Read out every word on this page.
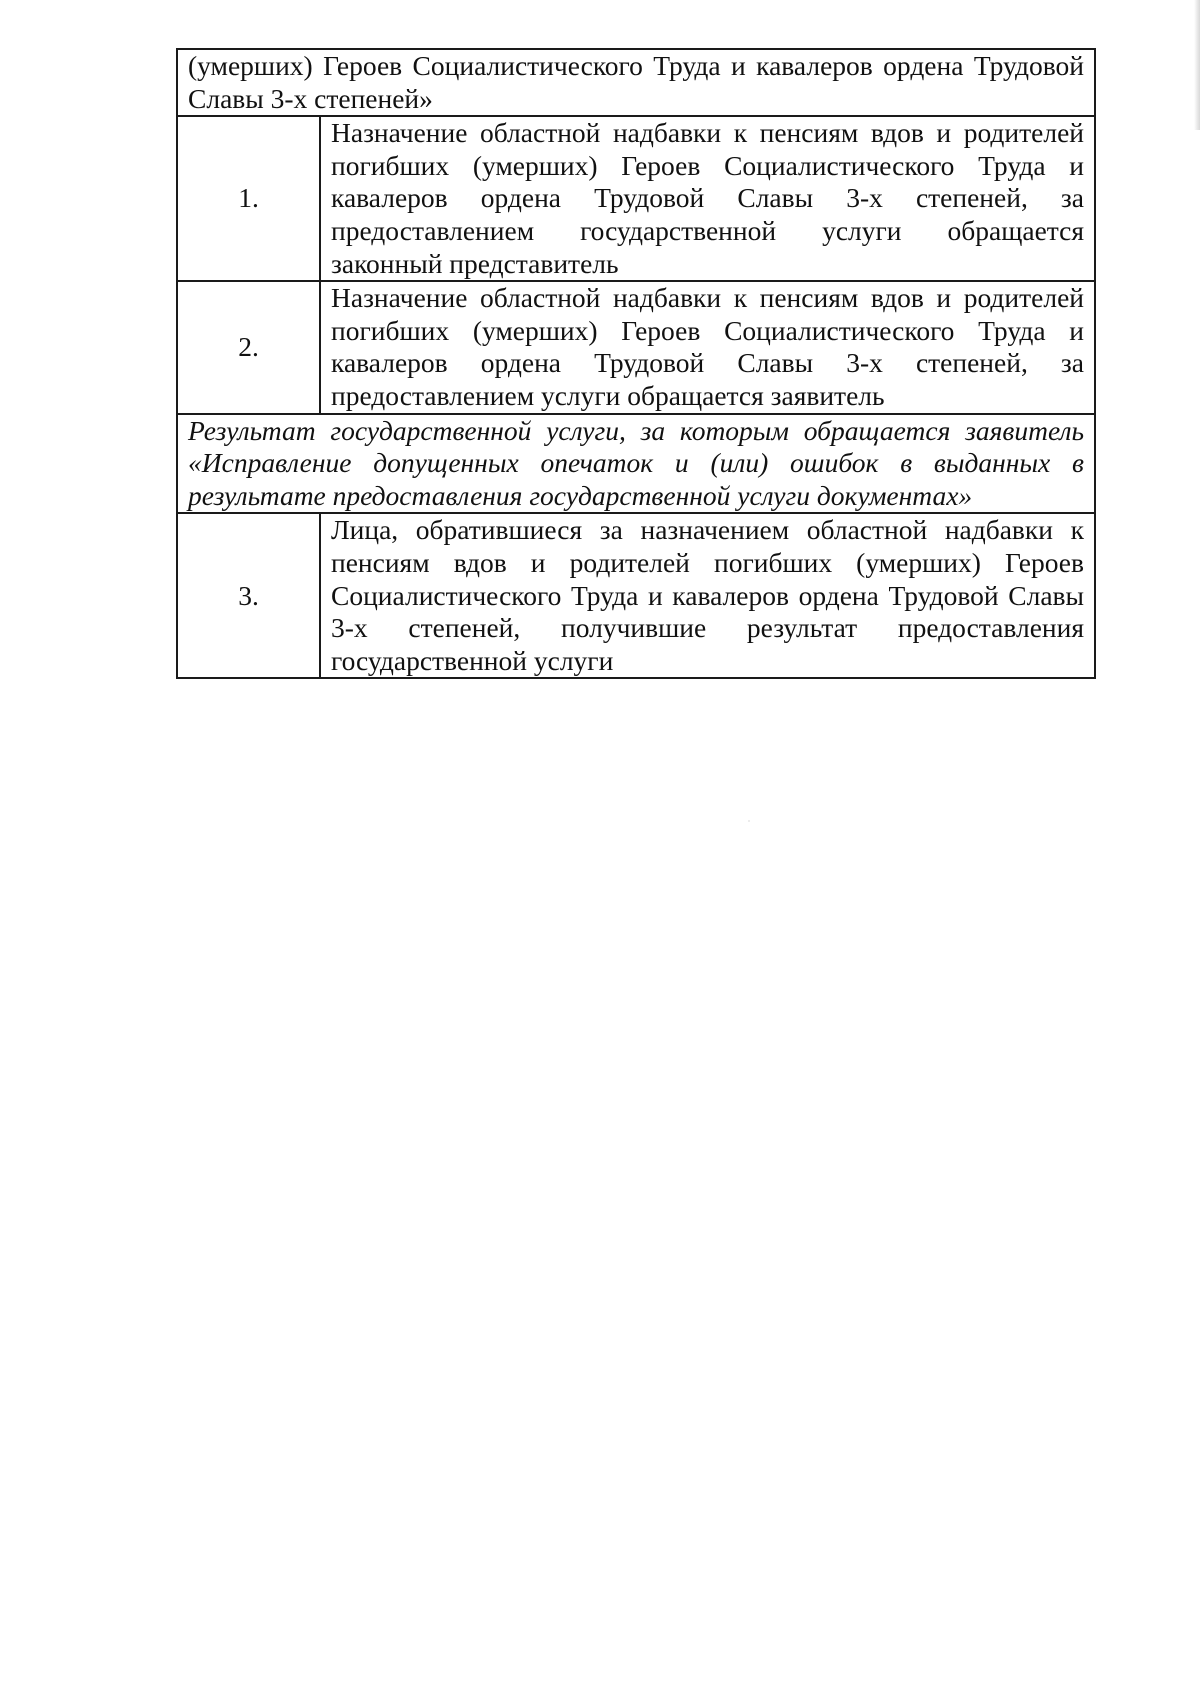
(умерших) Героев Социалистического Труда и кавалеров ордена Трудовой Славы 3-х степеней»	
1.	Назначение областной надбавки к пенсиям вдов и родителей погибших (умерших) Героев Социалистического Труда и кавалеров ордена Трудовой Славы 3-х степеней, за предоставлением государственной услуги обращается законный представитель
2.	Назначение областной надбавки к пенсиям вдов и родителей погибших (умерших) Героев Социалистического Труда и кавалеров ордена Трудовой Славы 3-х степеней, за предоставлением услуги обращается заявитель
Результат государственной услуги, за которым обращается заявитель «Исправление допущенных опечаток и (или) ошибок в выданных в результате предоставления государственной услуги документах»	
3.	Лица, обратившиеся за назначением областной надбавки к пенсиям вдов и родителей погибших (умерших) Героев Социалистического Труда и кавалеров ордена Трудовой Славы 3-х степеней, получившие результат предоставления государственной услуги
